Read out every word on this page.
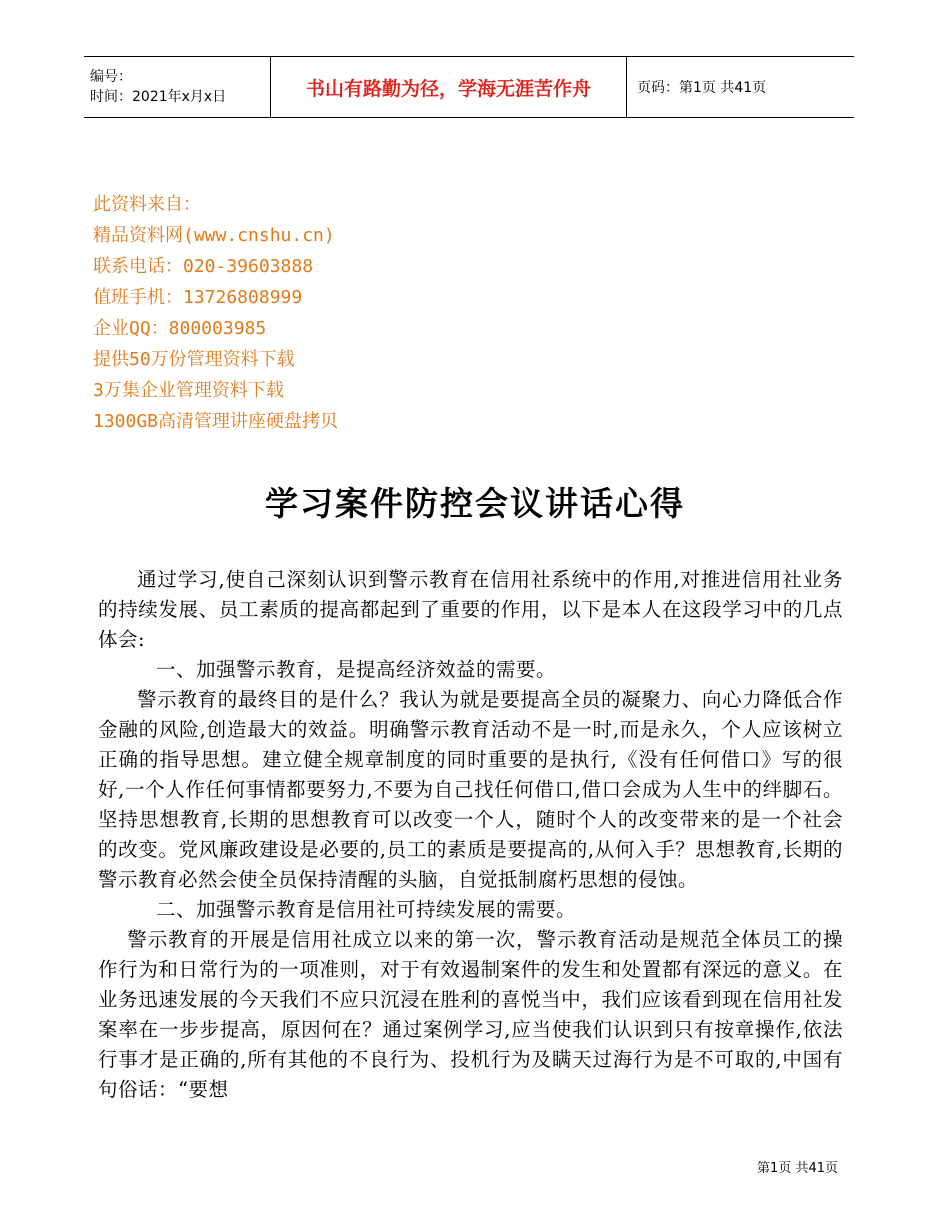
编号：
时间：2021年x月x日	书山有路勤为径，学海无涯苦作舟	页码：第1页 共41页
此资料来自：
精品资料网(www.cnshu.cn)
联系电话：020-39603888
值班手机：13726808999
企业QQ：800003985
提供50万份管理资料下载
3万集企业管理资料下载
1300GB高清管理讲座硬盘拷贝
学习案件防控会议讲话心得

通过学习,使自己深刻认识到警示教育在信用社系统中的作用,对推进信用社业务的持续发展、员工素质的提高都起到了重要的作用，以下是本人在这段学习中的几点体会:

一、加强警示教育，是提高经济效益的需要。

警示教育的最终目的是什么？我认为就是要提高全员的凝聚力、向心力降低合作金融的风险,创造最大的效益。明确警示教育活动不是一时,而是永久，个人应该树立正确的指导思想。建立健全规章制度的同时重要的是执行,《没有任何借口》写的很好,一个人作任何事情都要努力,不要为自己找任何借口,借口会成为人生中的绊脚石。坚持思想教育,长期的思想教育可以改变一个人，随时个人的改变带来的是一个社会的改变。党风廉政建设是必要的,员工的素质是要提高的,从何入手？思想教育,长期的警示教育必然会使全员保持清醒的头脑，自觉抵制腐朽思想的侵蚀。

二、加强警示教育是信用社可持续发展的需要。

警示教育的开展是信用社成立以来的第一次，警示教育活动是规范全体员工的操作行为和日常行为的一项准则，对于有效遏制案件的发生和处置都有深远的意义。在业务迅速发展的今天我们不应只沉浸在胜利的喜悦当中，我们应该看到现在信用社发案率在一步步提高，原因何在？通过案例学习,应当使我们认识到只有按章操作,依法行事才是正确的,所有其他的不良行为、投机行为及瞒天过海行为是不可取的,中国有句俗话：“要想

第1页 共41页
